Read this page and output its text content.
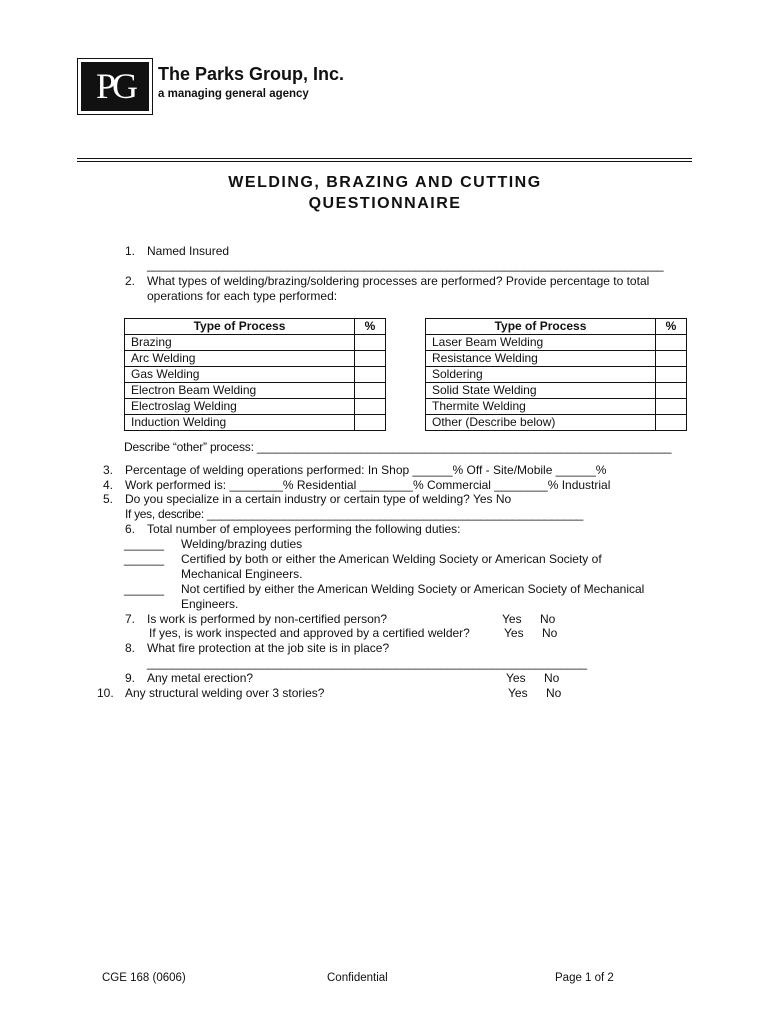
PG	The Parks Group, Inc.
a managing general agency
WELDING, BRAZING AND CUTTING
QUESTIONNAIRE
1. Named Insured
_________________________________________________________________________________
2. What types of welding/brazing/soldering processes are performed? Provide percentage to total
operations for each type performed:
Type of Process	%
Brazing	
Arc Welding	
Gas Welding	
Electron Beam Welding	
Electroslag Welding	
Induction Welding	
Type of Process	%
Laser Beam Welding	
Resistance Welding	
Soldering	
Solid State Welding	
Thermite Welding	
Other (Describe below)	
Describe “other” process: ________________________________________________________________
3. Percentage of welding operations performed: In Shop ______% Off - Site/Mobile ______%
4. Work performed is: ________% Residential ________% Commercial ________% Industrial
5. Do you specialize in a certain industry or certain type of welding? Yes No
If yes, describe: ___________________________________________________________
6. Total number of employees performing the following duties:
______ Welding/brazing duties
______ Certified by both or either the American Welding Society or American Society of
Mechanical Engineers.
______ Not certified by either the American Welding Society or American Society of Mechanical
Engineers.
7. Is work is performed by non-certified person?	Yes No
If yes, is work inspected and approved by a certified welder?	Yes No
8. What fire protection at the job site is in place?
_____________________________________________________________________
9. Any metal erection?	Yes No
10. Any structural welding over 3 stories?	Yes No
CGE 168 (0606)	Confidential	Page 1 of 2
